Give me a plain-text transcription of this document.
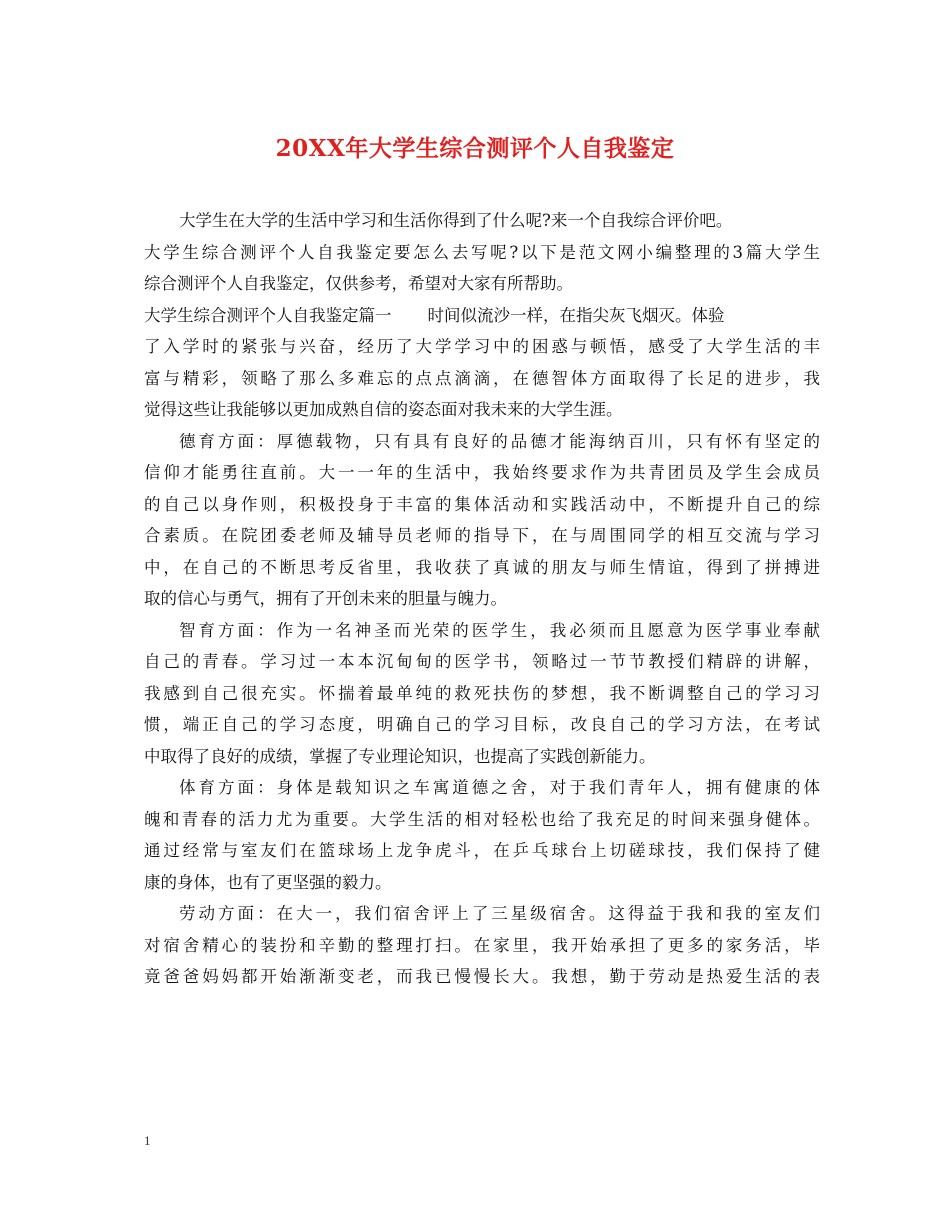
20XX年大学生综合测评个人自我鉴定
大学生在大学的生活中学习和生活你得到了什么呢?来一个自我综合评价吧。
大学生综合测评个人自我鉴定要怎么去写呢?以下是范文网小编整理的3篇大学生
综合测评个人自我鉴定，仅供参考，希望对大家有所帮助。
大学生综合测评个人自我鉴定篇一 时间似流沙一样，在指尖灰飞烟灭。体验
了入学时的紧张与兴奋，经历了大学学习中的困惑与顿悟，感受了大学生活的丰
富与精彩，领略了那么多难忘的点点滴滴，在德智体方面取得了长足的进步，我
觉得这些让我能够以更加成熟自信的姿态面对我未来的大学生涯。
德育方面：厚德载物，只有具有良好的品德才能海纳百川，只有怀有坚定的
信仰才能勇往直前。大一一年的生活中，我始终要求作为共青团员及学生会成员
的自己以身作则，积极投身于丰富的集体活动和实践活动中，不断提升自己的综
合素质。在院团委老师及辅导员老师的指导下，在与周围同学的相互交流与学习
中，在自己的不断思考反省里，我收获了真诚的朋友与师生情谊，得到了拼搏进
取的信心与勇气，拥有了开创未来的胆量与魄力。
智育方面：作为一名神圣而光荣的医学生，我必须而且愿意为医学事业奉献
自己的青春。学习过一本本沉甸甸的医学书，领略过一节节教授们精辟的讲解，
我感到自己很充实。怀揣着最单纯的救死扶伤的梦想，我不断调整自己的学习习
惯，端正自己的学习态度，明确自己的学习目标，改良自己的学习方法，在考试
中取得了良好的成绩，掌握了专业理论知识，也提高了实践创新能力。
体育方面：身体是载知识之车寓道德之舍，对于我们青年人，拥有健康的体
魄和青春的活力尤为重要。大学生活的相对轻松也给了我充足的时间来强身健体。
通过经常与室友们在篮球场上龙争虎斗，在乒乓球台上切磋球技，我们保持了健
康的身体，也有了更坚强的毅力。
劳动方面：在大一，我们宿舍评上了三星级宿舍。这得益于我和我的室友们
对宿舍精心的装扮和辛勤的整理打扫。在家里，我开始承担了更多的家务活，毕
竟爸爸妈妈都开始渐渐变老，而我已慢慢长大。我想，勤于劳动是热爱生活的表
1
